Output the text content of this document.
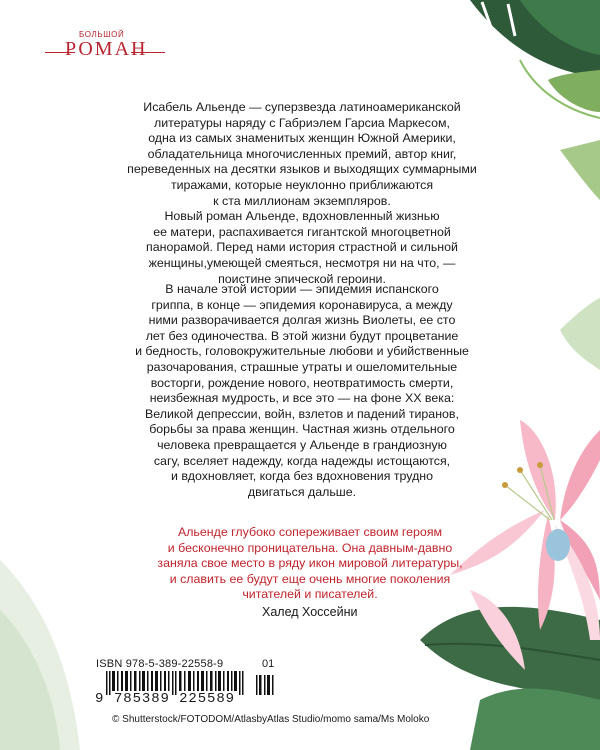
БОЛЬШОЙ
РОМАН

Исабель Альенде — суперзвезда латиноамериканской

литературы наряду с Габриэлем Гарсиа Маркесом,

одна из самых знаменитых женщин Южной Америки,

обладательница многочисленных премий, автор книг,

переведенных на десятки языков и выходящих суммарными

тиражами, которые неуклонно приближаются

к ста миллионам экземпляров.

Новый роман Альенде, вдохновленный жизнью

ее матери, распахивается гигантской многоцветной

панорамой. Перед нами история страстной и сильной

женщины,умеющей смеяться, несмотря ни на что, —

поистине эпической героини.

В начале этой истории — эпидемия испанского

гриппа, в конце — эпидемия коронавируса, а между

ними разворачивается долгая жизнь Виолеты, ее сто

лет без одиночества. В этой жизни будут процветание

и бедность, головокружительные любови и убийственные

разочарования, страшные утраты и ошеломительные

восторги, рождение нового, неотвратимость смерти,

неизбежная мудрость, и все это — на фоне XX века:

Великой депрессии, войн, взлетов и падений тиранов,

борьбы за права женщин. Частная жизнь отдельного

человека превращается у Альенде в грандиозную

сагу, вселяет надежду, когда надежды истощаются,

и вдохновляет, когда без вдохновения трудно

двигаться дальше.

Альенде глубоко сопереживает своим героям

и бесконечно проницательна. Она давным-давно

заняла свое место в ряду икон мировой литературы,

и славить ее будут еще очень многие поколения

читателей и писателей.

Халед Хоссейни
ISBN 978-5-389-22558-9	01
9 785389 225589
© Shutterstock/FOTODOM/AtlasbyAtlas Studio/momo sama/Ms Moloko
